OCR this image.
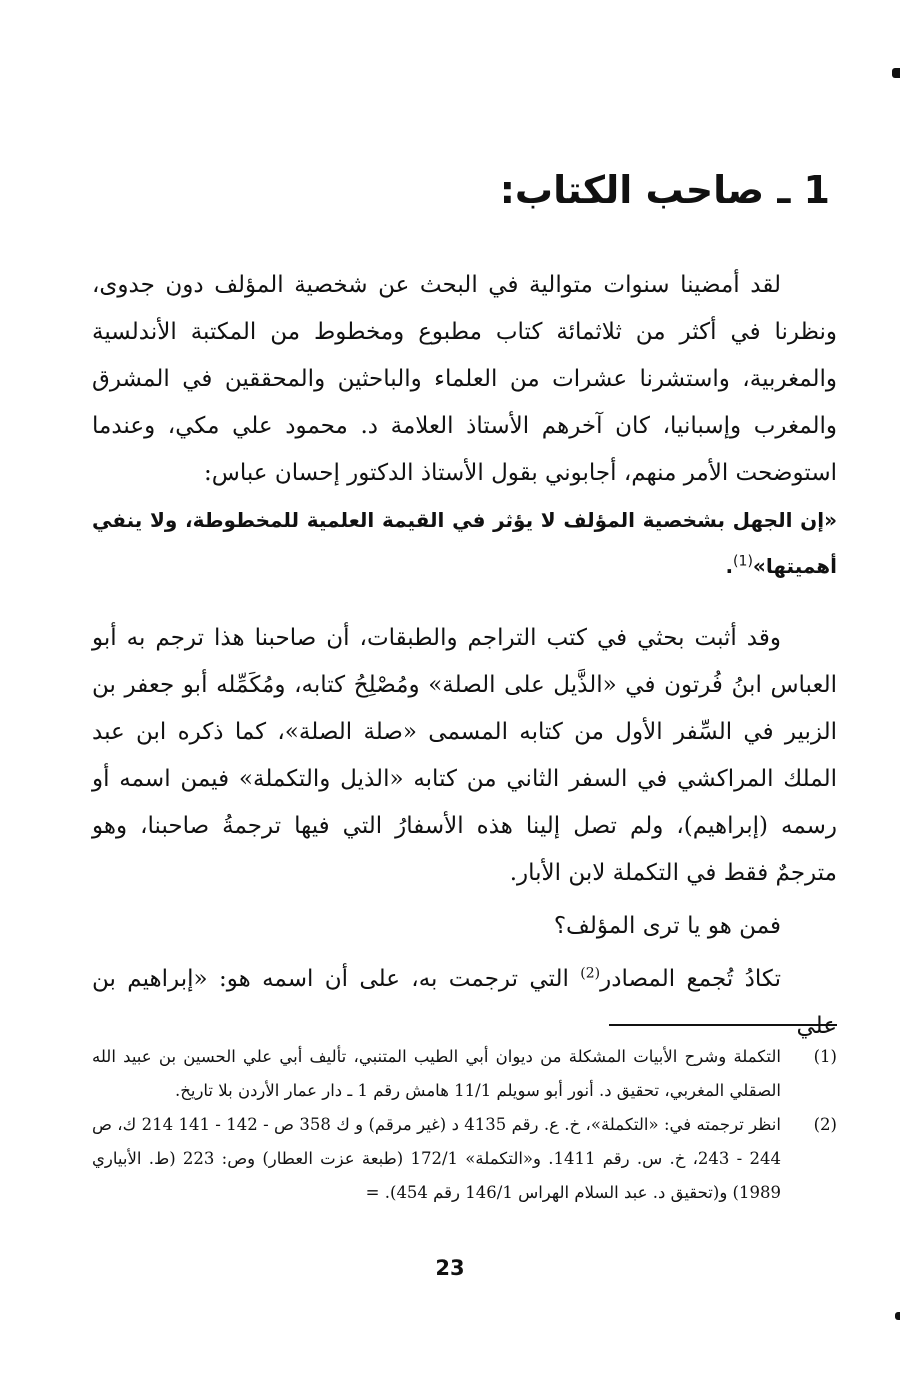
1 ـ صاحب الكتاب:

لقد أمضينا سنوات متوالية في البحث عن شخصية المؤلف دون جدوى، ونظرنا في أكثر من ثلاثمائة كتاب مطبوع ومخطوط من المكتبة الأندلسية والمغربية، واستشرنا عشرات من العلماء والباحثين والمحققين في المشرق والمغرب وإسبانيا، كان آخرهم الأستاذ العلامة د. محمود علي مكي، وعندما استوضحت الأمر منهم، أجابوني بقول الأستاذ الدكتور إحسان عباس:

«إن الجهل بشخصية المؤلف لا يؤثر في القيمة العلمية للمخطوطة، ولا ينفي أهميتها»$^{(1)}$.

وقد أثبت بحثي في كتب التراجم والطبقات، أن صاحبنا هذا ترجم به أبو العباس ابنُ فُرتون في «الذَّيل على الصلة» ومُصْلِحُ كتابه، ومُكَمِّله أبو جعفر بن الزبير في السِّفر الأول من كتابه المسمى «صلة الصلة»، كما ذكره ابن عبد الملك المراكشي في السفر الثاني من كتابه «الذيل والتكملة» فيمن اسمه أو رسمه (إبراهيم)، ولم تصل إلينا هذه الأسفارُ التي فيها ترجمةُ صاحبنا، وهو مترجمٌ فقط في التكملة لابن الأبار.

فمن هو يا ترى المؤلف؟

تكادُ تُجمع المصادر$^{(2)}$ التي ترجمت به، على أن اسمه هو: «إبراهيم بن علي

(1)
التكملة وشرح الأبيات المشكلة من ديوان أبي الطيب المتنبي، تأليف أبي علي الحسين بن عبيد الله الصقلي المغربي، تحقيق د. أنور أبو سويلم 11/1 هامش رقم 1 ـ دار عمار الأردن بلا تاريخ.

(2)
انظر ترجمته في: «التكملة»، خ. ع. رقم 4135 د (غير مرقم) و ك 358 ص - 142 - 141 214 ك، ص 244 - 243، خ. س. رقم 1411. و«التكملة» 172/1 (طبعة عزت العطار) وص: 223 (ط. الأبياري 1989) و(تحقيق د. عبد السلام الهراس 146/1 رقم 454). =

23
